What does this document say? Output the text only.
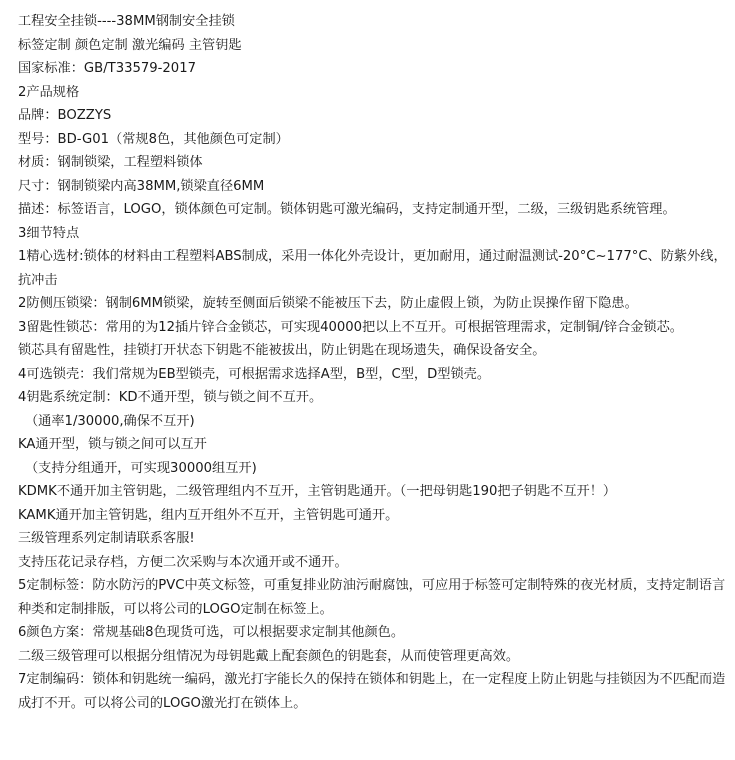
工程安全挂锁----38MM钢制安全挂锁

标签定制 颜色定制 激光编码 主管钥匙

国家标准：GB/T33579-2017

2产品规格

品牌：BOZZYS

型号：BD-G01（常规8色，其他颜色可定制）

材质：钢制锁梁，工程塑料锁体

尺寸：钢制锁梁内高38MM,锁梁直径6MM

描述：标签语言，LOGO，锁体颜色可定制。锁体钥匙可激光编码，支持定制通开型，二级，三级钥匙系统管理。

3细节特点

1精心选材:锁体的材料由工程塑料ABS制成，采用一体化外壳设计，更加耐用，通过耐温测试-20°C~177°C、防紫外线，抗冲击

2防侧压锁梁：钢制6MM锁梁，旋转至侧面后锁梁不能被压下去，防止虚假上锁，为防止误操作留下隐患。

3留匙性锁芯：常用的为12插片锌合金锁芯，可实现40000把以上不互开。可根据管理需求，定制铜/锌合金锁芯。

锁芯具有留匙性，挂锁打开状态下钥匙不能被拔出，防止钥匙在现场遗失，确保设备安全。

4可选锁壳：我们常规为EB型锁壳，可根据需求选择A型，B型，C型，D型锁壳。

4钥匙系统定制：KD不通开型，锁与锁之间不互开。

（通率1/30000,确保不互开)

KA通开型，锁与锁之间可以互开

（支持分组通开，可实现30000组互开)

KDMK不通开加主管钥匙，二级管理组内不互开，主管钥匙通开。（一把母钥匙190把子钥匙不互开！）

KAMK通开加主管钥匙，组内互开组外不互开，主管钥匙可通开。

三级管理系列定制请联系客服!

支持压花记录存档，方便二次采购与本次通开或不通开。

5定制标签：防水防污的PVC中英文标签，可重复排业防油污耐腐蚀，可应用于标签可定制特殊的夜光材质，支持定制语言种类和定制排版，可以将公司的LOGO定制在标签上。

6颜色方案：常规基础8色现货可选，可以根据要求定制其他颜色。

二级三级管理可以根据分组情况为母钥匙戴上配套颜色的钥匙套，从而使管理更高效。

7定制编码：锁体和钥匙统一编码，激光打字能长久的保持在锁体和钥匙上，在一定程度上防止钥匙与挂锁因为不匹配而造成打不开。可以将公司的LOGO激光打在锁体上。
